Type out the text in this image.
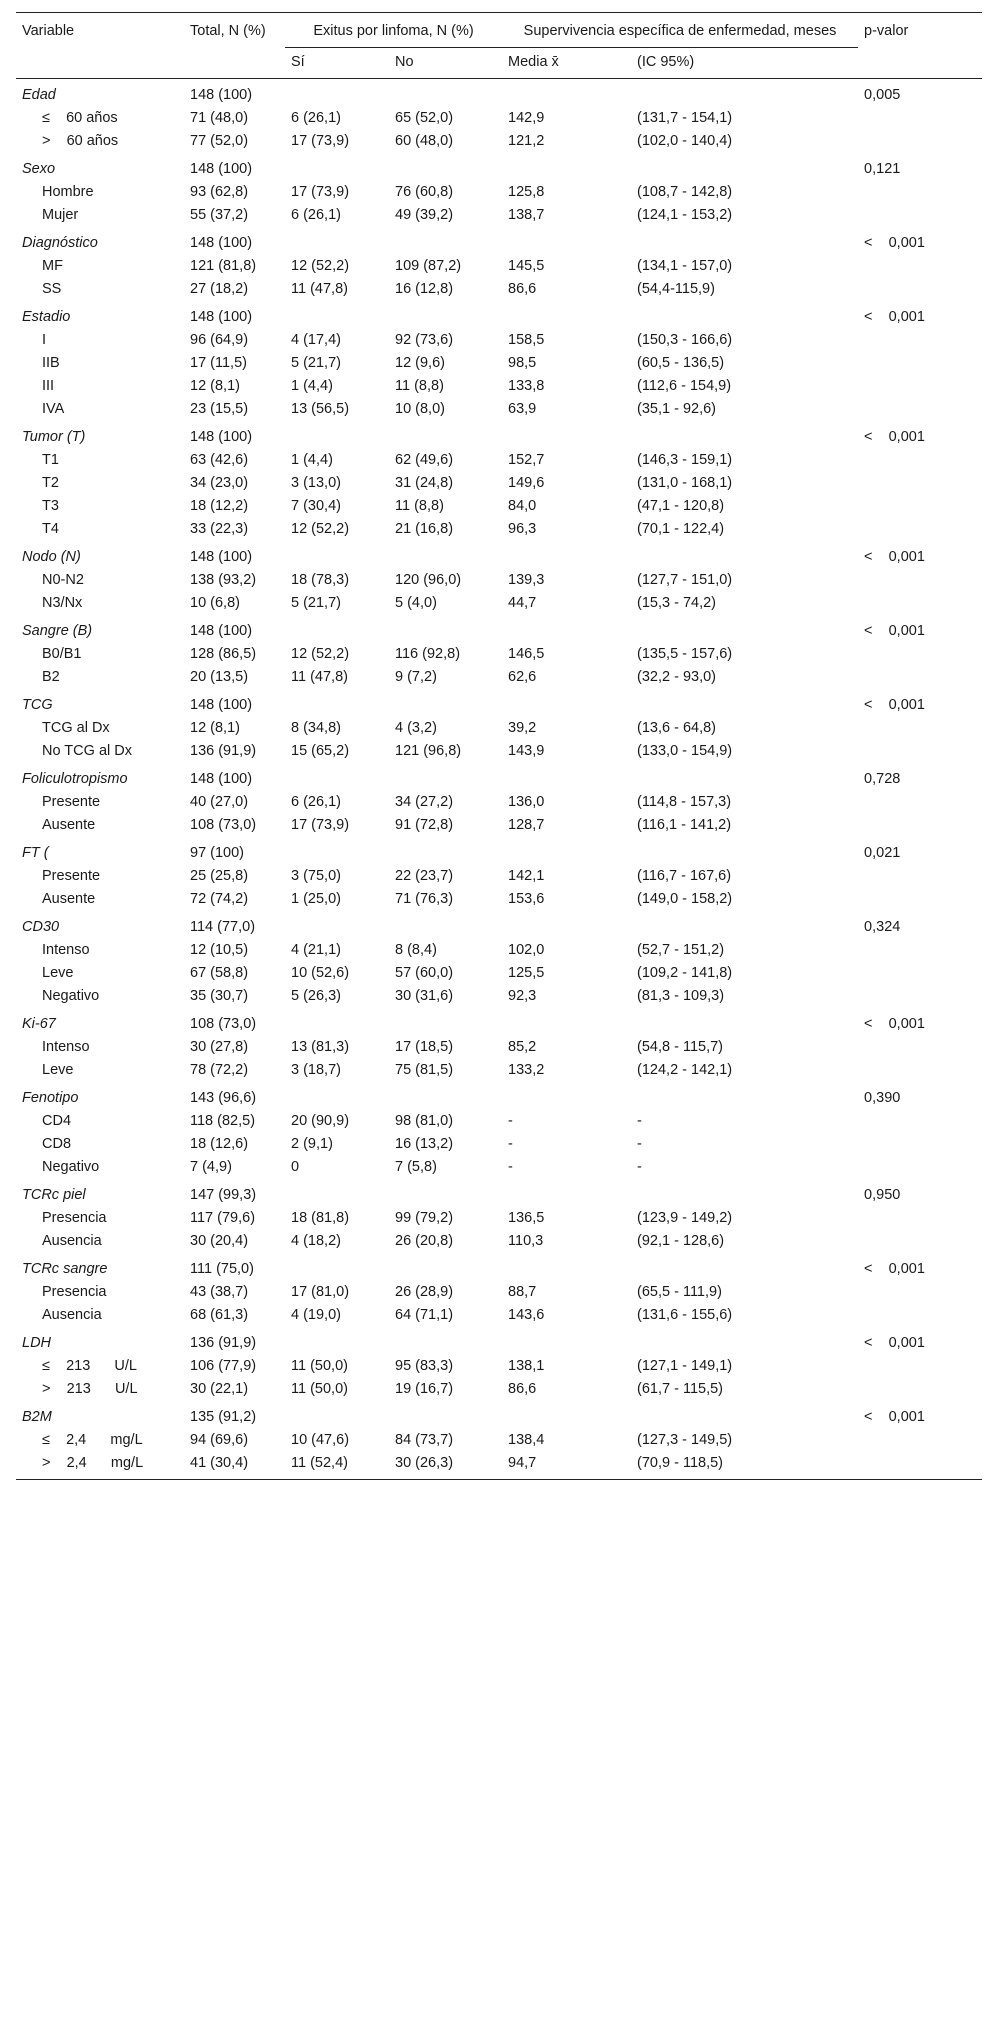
Variable	Total, N (%)	Exitus por linfoma, N (%)		Supervivencia específica de enfermedad, meses		p-valor
		Sí	No	Media x̄	(IC 95%)	
Edad	148 (100)					0,005
≤    60 años	71 (48,0)	6 (26,1)	65 (52,0)	142,9	(131,7 - 154,1)	
>    60 años	77 (52,0)	17 (73,9)	60 (48,0)	121,2	(102,0 - 140,4)	
Sexo	148 (100)					0,121
Hombre	93 (62,8)	17 (73,9)	76 (60,8)	125,8	(108,7 - 142,8)	
Mujer	55 (37,2)	6 (26,1)	49 (39,2)	138,7	(124,1 - 153,2)	
Diagnóstico	148 (100)					<    0,001
MF	121 (81,8)	12 (52,2)	109 (87,2)	145,5	(134,1 - 157,0)	
SS	27 (18,2)	11 (47,8)	16 (12,8)	86,6	(54,4-115,9)	
Estadio	148 (100)					<    0,001
I	96 (64,9)	4 (17,4)	92 (73,6)	158,5	(150,3 - 166,6)	
IIB	17 (11,5)	5 (21,7)	12 (9,6)	98,5	(60,5 - 136,5)	
III	12 (8,1)	1 (4,4)	11 (8,8)	133,8	(112,6 - 154,9)	
IVA	23 (15,5)	13 (56,5)	10 (8,0)	63,9	(35,1 - 92,6)	
Tumor (T)	148 (100)					<    0,001
T1	63 (42,6)	1 (4,4)	62 (49,6)	152,7	(146,3 - 159,1)	
T2	34 (23,0)	3 (13,0)	31 (24,8)	149,6	(131,0 - 168,1)	
T3	18 (12,2)	7 (30,4)	11 (8,8)	84,0	(47,1 - 120,8)	
T4	33 (22,3)	12 (52,2)	21 (16,8)	96,3	(70,1 - 122,4)	
Nodo (N)	148 (100)					<    0,001
N0-N2	138 (93,2)	18 (78,3)	120 (96,0)	139,3	(127,7 - 151,0)	
N3/Nx	10 (6,8)	5 (21,7)	5 (4,0)	44,7	(15,3 - 74,2)	
Sangre (B)	148 (100)					<    0,001
B0/B1	128 (86,5)	12 (52,2)	116 (92,8)	146,5	(135,5 - 157,6)	
B2	20 (13,5)	11 (47,8)	9 (7,2)	62,6	(32,2 - 93,0)	
TCG	148 (100)					<    0,001
TCG al Dx	12 (8,1)	8 (34,8)	4 (3,2)	39,2	(13,6 - 64,8)	
No TCG al Dx	136 (91,9)	15 (65,2)	121 (96,8)	143,9	(133,0 - 154,9)	
Foliculotropismo	148 (100)					0,728
Presente	40 (27,0)	6 (26,1)	34 (27,2)	136,0	(114,8 - 157,3)	
Ausente	108 (73,0)	17 (73,9)	91 (72,8)	128,7	(116,1 - 141,2)	
FT (	97 (100)					0,021
Presente	25 (25,8)	3 (75,0)	22 (23,7)	142,1	(116,7 - 167,6)	
Ausente	72 (74,2)	1 (25,0)	71 (76,3)	153,6	(149,0 - 158,2)	
CD30	114 (77,0)					0,324
Intenso	12 (10,5)	4 (21,1)	8 (8,4)	102,0	(52,7 - 151,2)	
Leve	67 (58,8)	10 (52,6)	57 (60,0)	125,5	(109,2 - 141,8)	
Negativo	35 (30,7)	5 (26,3)	30 (31,6)	92,3	(81,3 - 109,3)	
Ki-67	108 (73,0)					<    0,001
Intenso	30 (27,8)	13 (81,3)	17 (18,5)	85,2	(54,8 - 115,7)	
Leve	78 (72,2)	3 (18,7)	75 (81,5)	133,2	(124,2 - 142,1)	
Fenotipo	143 (96,6)					0,390
CD4	118 (82,5)	20 (90,9)	98 (81,0)	-	-	
CD8	18 (12,6)	2 (9,1)	16 (13,2)	-	-	
Negativo	7 (4,9)	0	7 (5,8)	-	-	
TCRc piel	147 (99,3)					0,950
Presencia	117 (79,6)	18 (81,8)	99 (79,2)	136,5	(123,9 - 149,2)	
Ausencia	30 (20,4)	4 (18,2)	26 (20,8)	110,3	(92,1 - 128,6)	
TCRc sangre	111 (75,0)					<    0,001
Presencia	43 (38,7)	17 (81,0)	26 (28,9)	88,7	(65,5 - 111,9)	
Ausencia	68 (61,3)	4 (19,0)	64 (71,1)	143,6	(131,6 - 155,6)	
LDH	136 (91,9)					<    0,001
≤    213      U/L	106 (77,9)	11 (50,0)	95 (83,3)	138,1	(127,1 - 149,1)	
>    213      U/L	30 (22,1)	11 (50,0)	19 (16,7)	86,6	(61,7 - 115,5)	
B2M	135 (91,2)					<    0,001
≤    2,4      mg/L	94 (69,6)	10 (47,6)	84 (73,7)	138,4	(127,3 - 149,5)	
>    2,4      mg/L	41 (30,4)	11 (52,4)	30 (26,3)	94,7	(70,9 - 118,5)	
